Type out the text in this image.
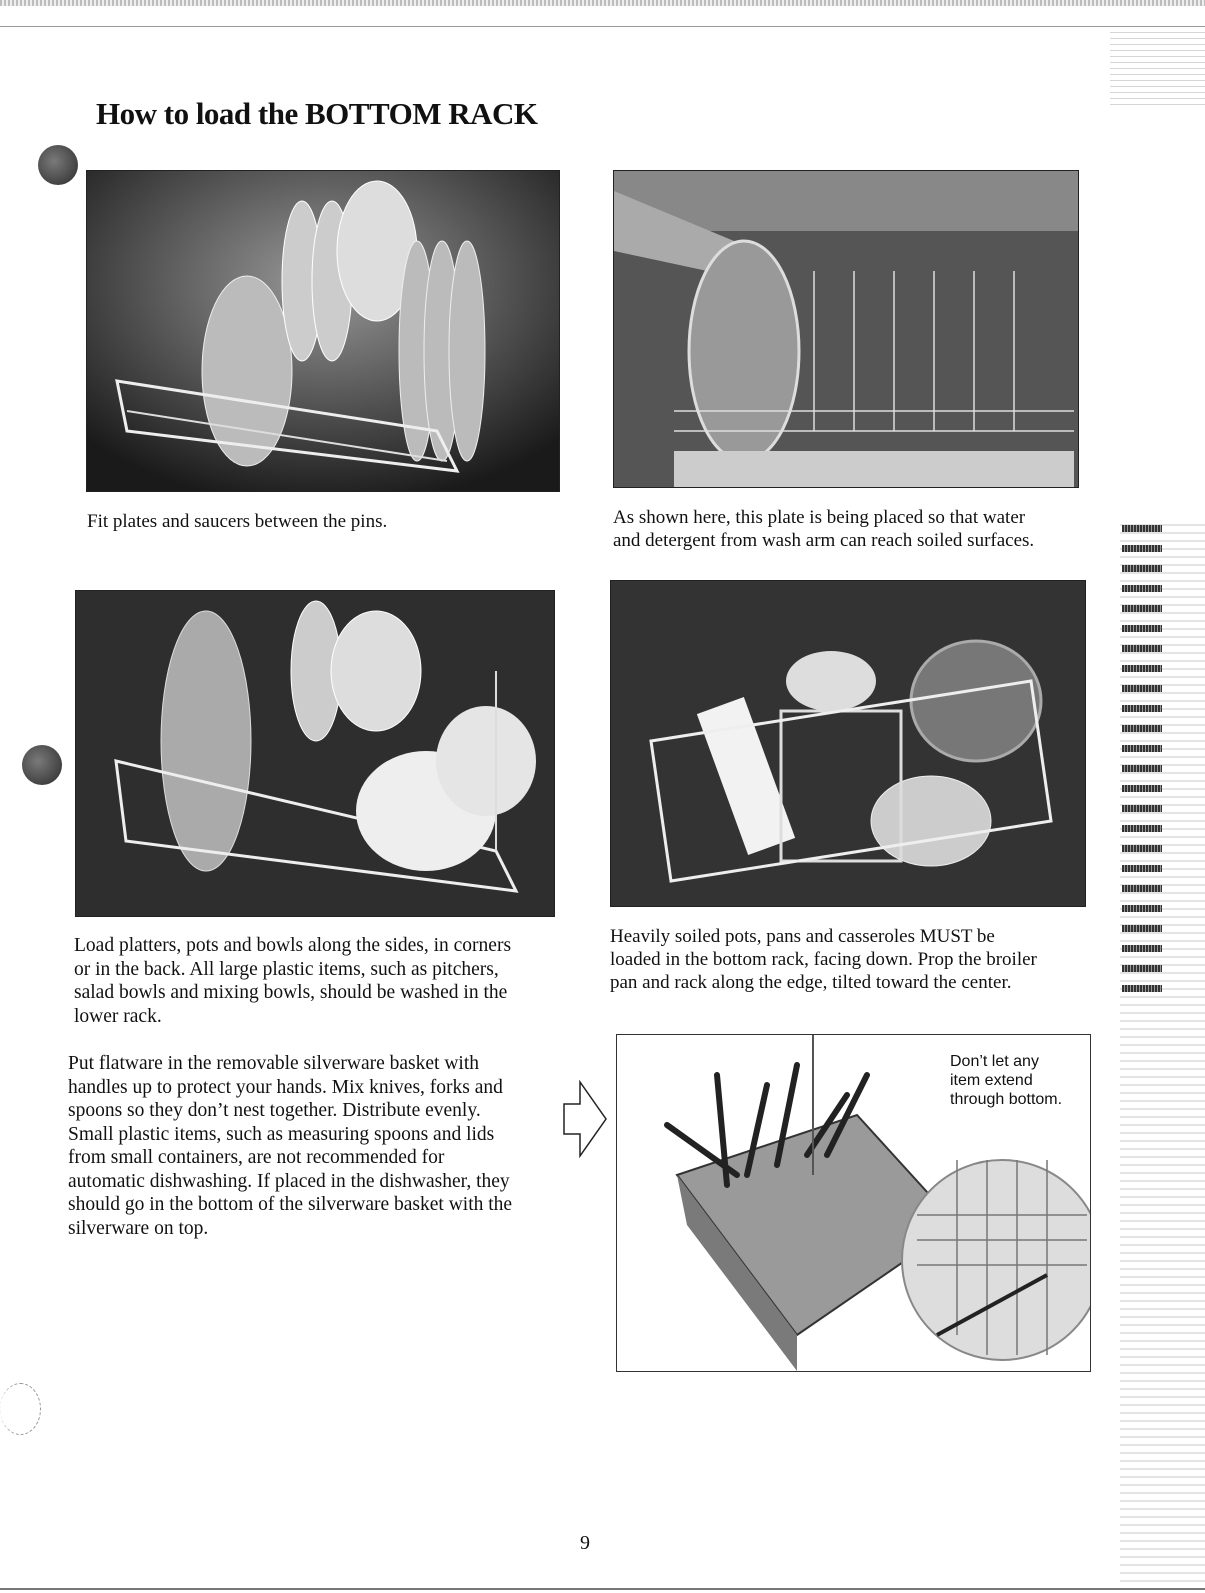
How to load the BOTTOM RACK
Fit plates and saucers between the pins.	As shown here, this plate is being placed so that water
and detergent from wash arm can reach soiled surfaces.
Load platters, pots and bowls along the sides, in corners
or in the back. All large plastic items, such as pitchers,
salad bowls and mixing bowls, should be washed in the
lower rack.
Heavily soiled pots, pans and casseroles MUST be
loaded in the bottom rack, facing down. Prop the broiler
pan and rack along the edge, tilted toward the center.
Put flatware in the removable silverware basket with
handles up to protect your hands. Mix knives, forks and
spoons so they don’t nest together. Distribute evenly.
Small plastic items, such as measuring spoons and lids
from small containers, are not recommended for
automatic dishwashing. If placed in the dishwasher, they
should go in the bottom of the silverware basket with the
silverware on top.
Don’t let any
item extend
through bottom.
9
